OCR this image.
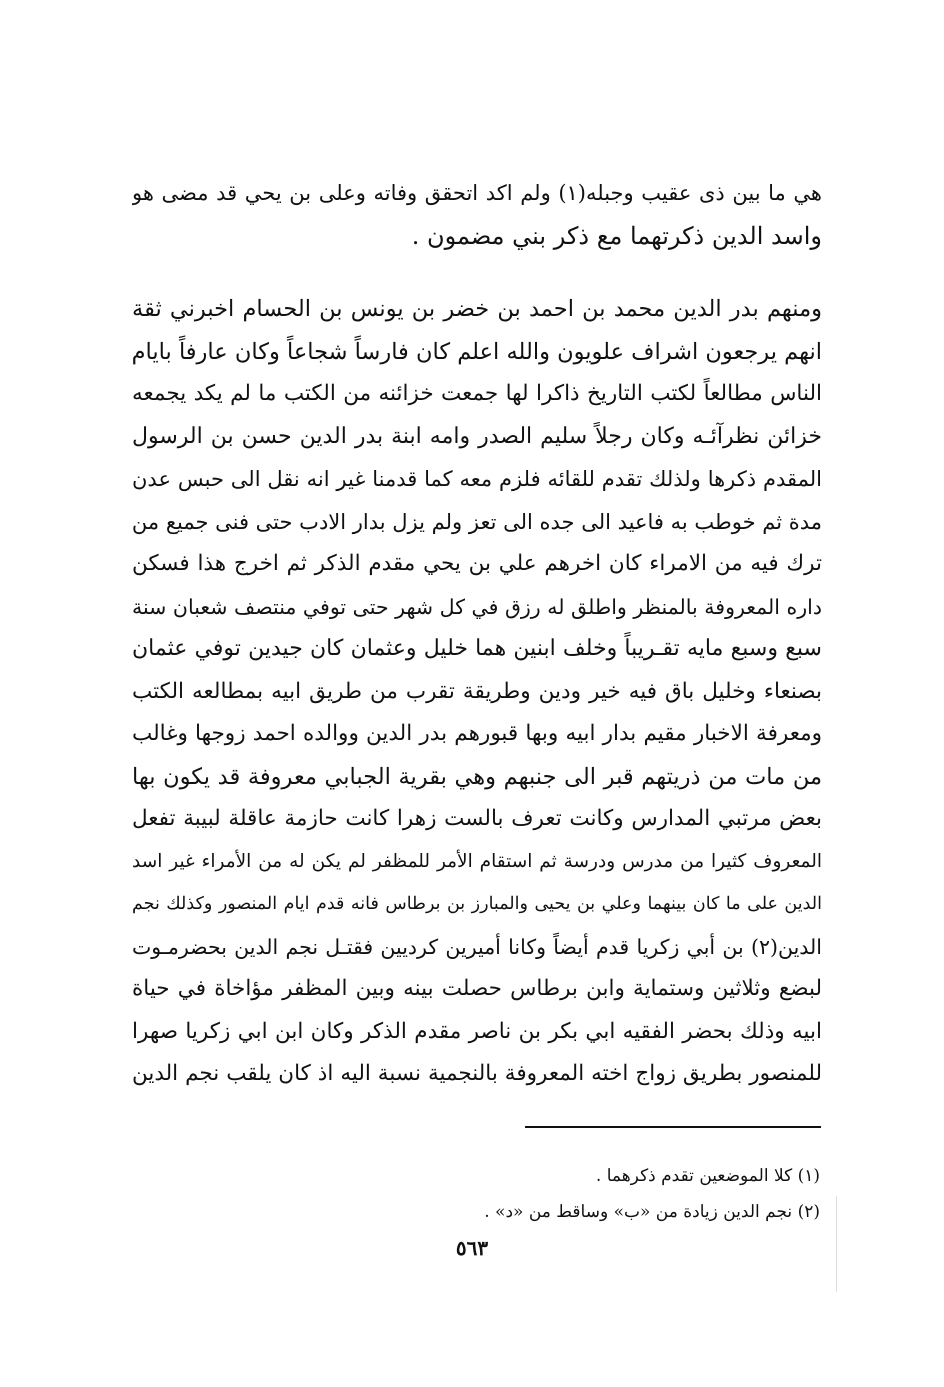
هي ما بين ذى عقيب وجبله(١) ولم اكد اتحقق وفاته وعلى بن يحي قد مضى هو
واسد الدين ذكرتهما مع ذكر بني مضمون .
ومنهم بدر الدين محمد بن احمد بن خضر بن يونس بن الحسام اخبرني ثقة
انهم يرجعون اشراف علويون والله اعلم كان فارساً شجاعاً وكان عارفاً بايام
الناس مطالعاً لكتب التاريخ ذاكرا لها جمعت خزائنه من الكتب ما لم يكد يجمعه
خزائن نظرآئـه وكان رجلاً سليم الصدر وامه ابنة بدر الدين حسن بن الرسول
المقدم ذكرها ولذلك تقدم للقائه فلزم معه كما قدمنا غير انه نقل الى حبس عدن
مدة ثم خوطب به فاعيد الى جده الى تعز ولم يزل بدار الادب حتى فنى جميع من
ترك فيه من الامراء كان اخرهم علي بن يحي مقدم الذكر ثم اخرج هذا فسكن
داره المعروفة بالمنظر واطلق له رزق في كل شهر حتى توفي منتصف شعبان سنة
سبع وسبع مايه تقـريباً وخلف ابنين هما خليل وعثمان كان جيدين توفي عثمان
بصنعاء وخليل باق فيه خير ودين وطريقة تقرب من طريق ابيه بمطالعه الكتب
ومعرفة الاخبار مقيم بدار ابيه وبها قبورهم بدر الدين ووالده احمد زوجها وغالب
من مات من ذريتهم قبر الى جنبهم وهي بقرية الجبابي معروفة قد يكون بها
بعض مرتبي المدارس وكانت تعرف بالست زهرا كانت حازمة عاقلة لبيبة تفعل
المعروف كثيرا من مدرس ودرسة ثم استقام الأمر للمظفر لم يكن له من الأمراء غير اسد
الدين على ما كان بينهما وعلي بن يحيى والمبارز بن برطاس فانه قدم ايام المنصور وكذلك نجم
الدين(٢) بن أبي زكريا قدم أيضاً وكانا أميرين كرديين فقتـل نجم الدين بحضرمـوت
لبضع وثلاثين وستماية وابن برطاس حصلت بينه وبين المظفر مؤاخاة في حياة
ابيه وذلك بحضر الفقيه ابي بكر بن ناصر مقدم الذكر وكان ابن ابي زكريا صهرا
للمنصور بطريق زواج اخته المعروفة بالنجمية نسبة اليه اذ كان يلقب نجم الدين
(١) كلا الموضعين تقدم ذكرهما .
(٢) نجم الدين زيادة من «ب» وساقط من «د» .
٥٦٣
